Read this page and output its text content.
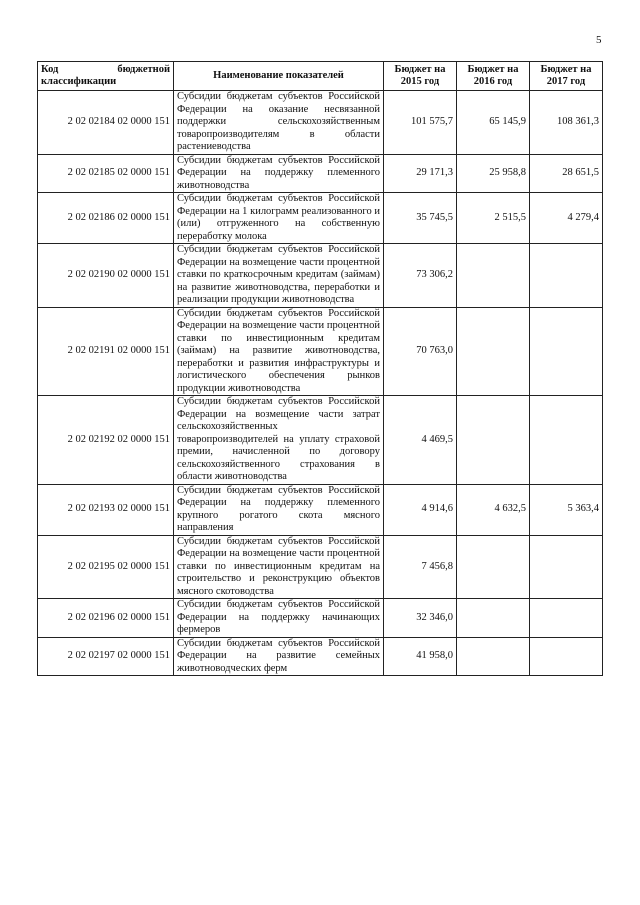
5
Код бюджетной классификации	Наименование показателей	Бюджет на 2015 год	Бюджет на 2016 год	Бюджет на 2017 год
2 02 02184 02 0000 151	Субсидии бюджетам субъектов Российской Федерации на оказание несвязанной поддержки сельскохозяйственным товаропроизводителям в области растениеводства	101 575,7	65 145,9	108 361,3
2 02 02185 02 0000 151	Субсидии бюджетам субъектов Российской Федерации на поддержку племенного животноводства	29 171,3	25 958,8	28 651,5
2 02 02186 02 0000 151	Субсидии бюджетам субъектов Российской Федерации на 1 килограмм реализованного и (или) отгруженного на собственную переработку молока	35 745,5	2 515,5	4 279,4
2 02 02190 02 0000 151	Субсидии бюджетам субъектов Российской Федерации на возмещение части процентной ставки по краткосрочным кредитам (займам) на развитие животноводства, переработки и реализации продукции животноводства	73 306,2		
2 02 02191 02 0000 151	Субсидии бюджетам субъектов Российской Федерации на возмещение части процентной ставки по инвестиционным кредитам (займам) на развитие животноводства, переработки и развития инфраструктуры и логистического обеспечения рынков продукции животноводства	70 763,0		
2 02 02192 02 0000 151	Субсидии бюджетам субъектов Российской Федерации на возмещение части затрат сельскохозяйственных товаропроизводителей на уплату страховой премии, начисленной по договору сельскохозяйственного страхования в области животноводства	4 469,5		
2 02 02193 02 0000 151	Субсидии бюджетам субъектов Российской Федерации на поддержку племенного крупного рогатого скота мясного направления	4 914,6	4 632,5	5 363,4
2 02 02195 02 0000 151	Субсидии бюджетам субъектов Российской Федерации на возмещение части процентной ставки по инвестиционным кредитам на строительство и реконструкцию объектов мясного скотоводства	7 456,8		
2 02 02196 02 0000 151	Субсидии бюджетам субъектов Российской Федерации на поддержку начинающих фермеров	32 346,0		
2 02 02197 02 0000 151	Субсидии бюджетам субъектов Российской Федерации на развитие семейных животноводческих ферм	41 958,0		
